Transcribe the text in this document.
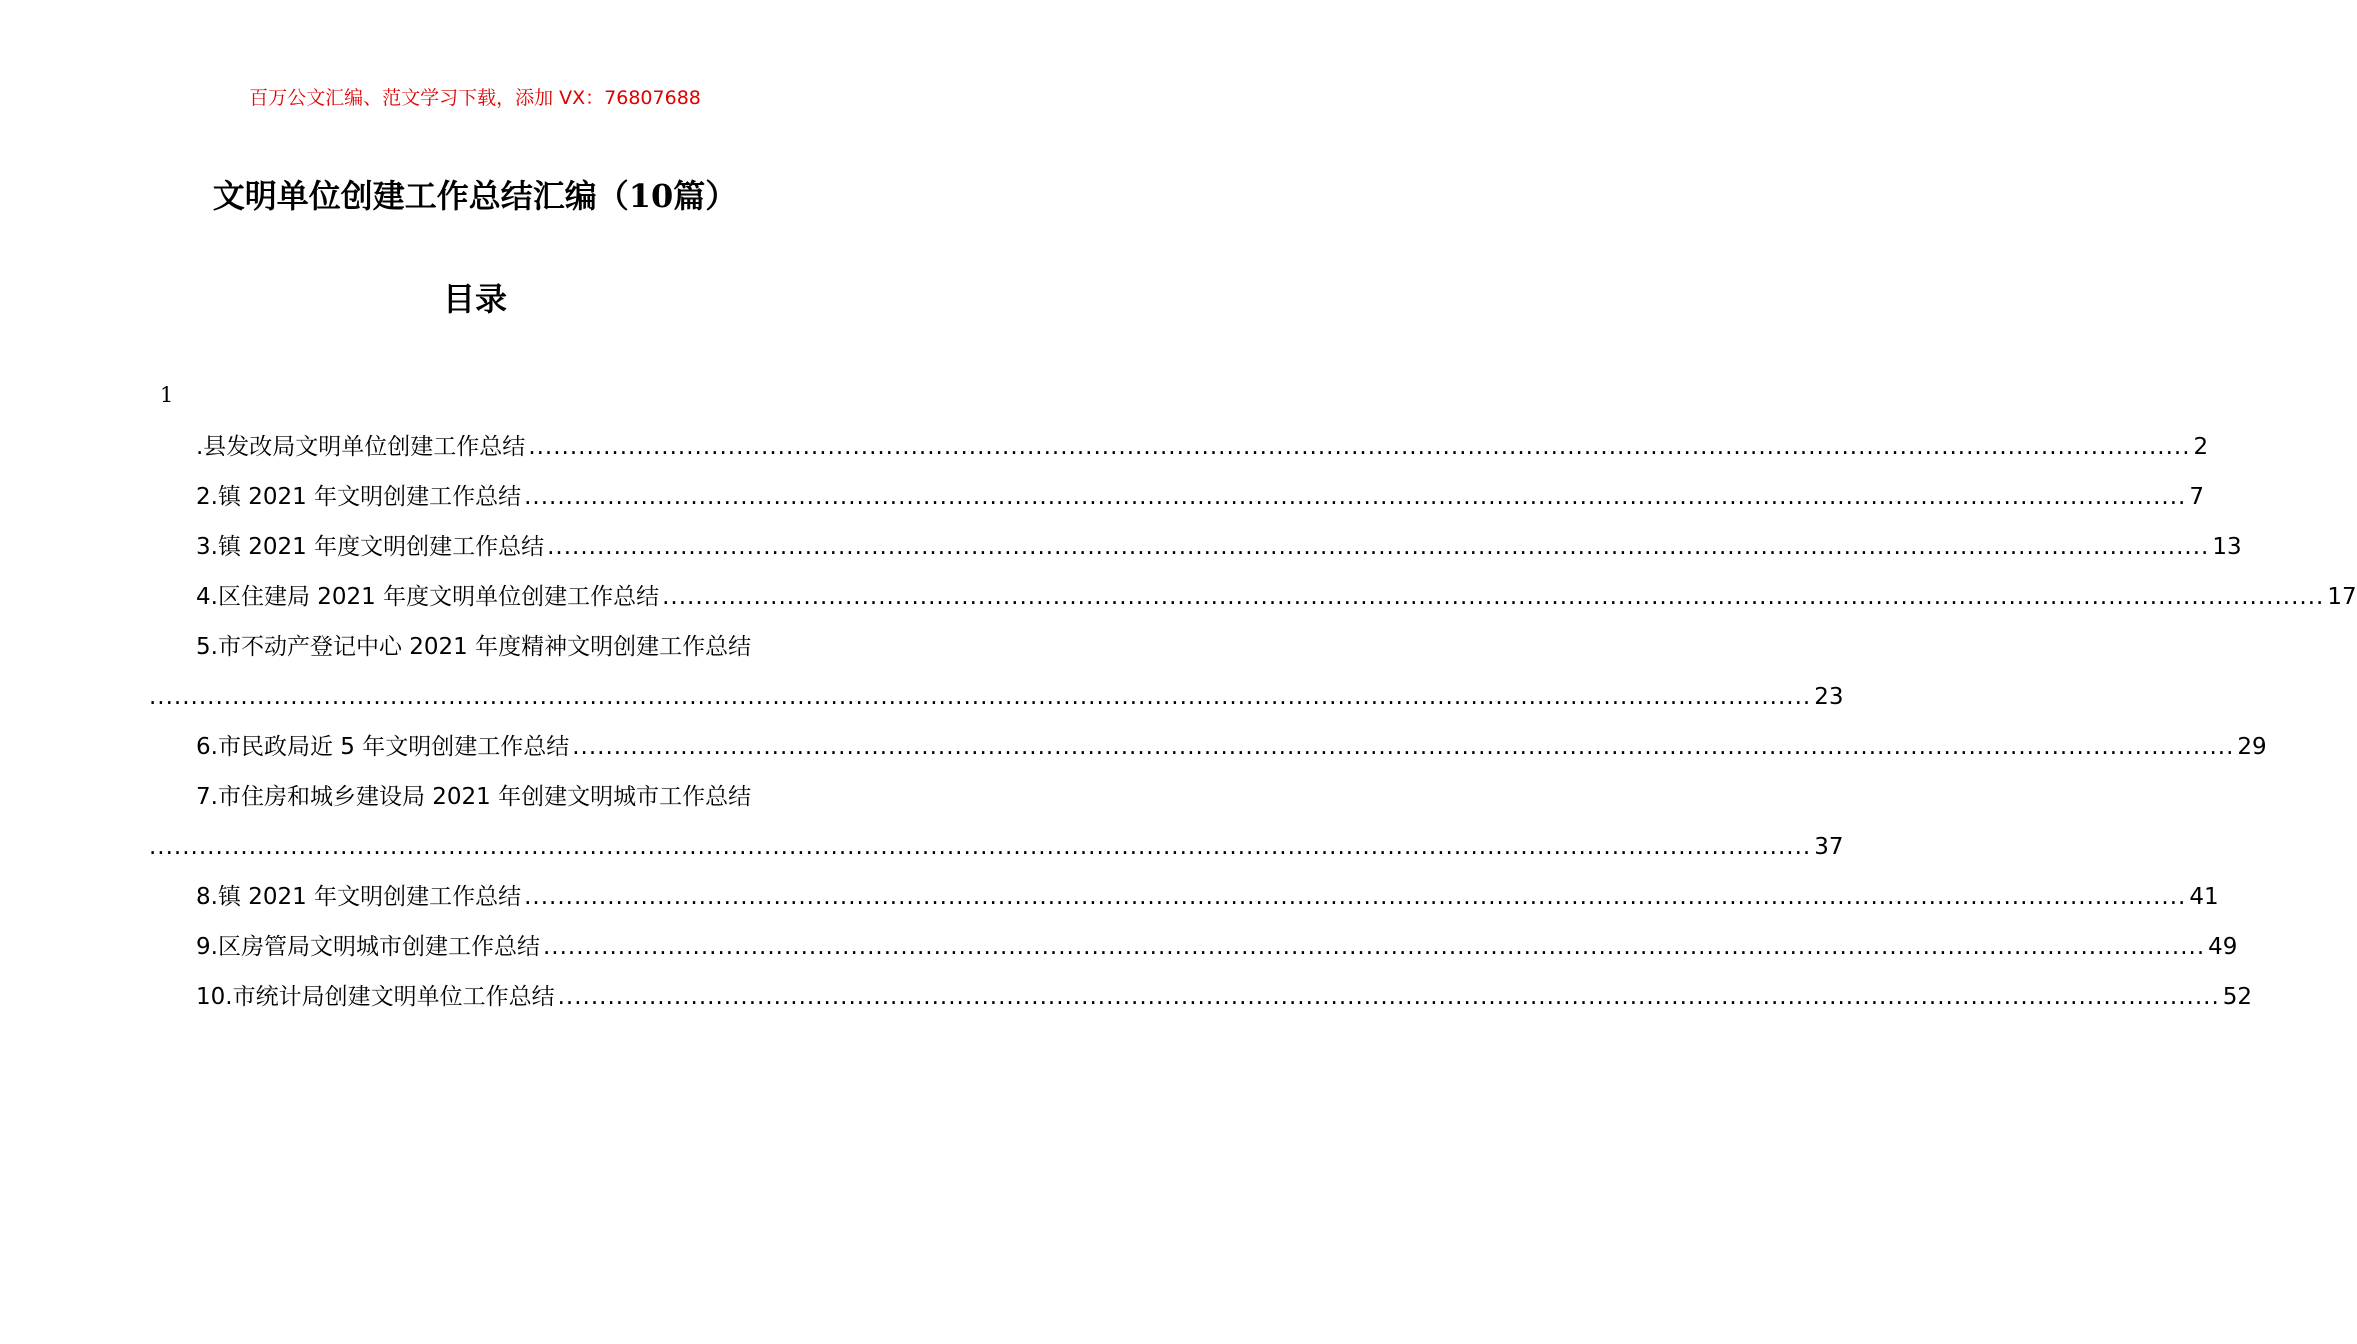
百万公文汇编、范文学习下载，添加 VX：76807688
文明单位创建工作总结汇编（10篇）
目录
1
.县发改局文明单位创建工作总结 ........................................................................................................................................................................................................ 2
2.镇 2021 年文明创建工作总结 ........................................................................................................................................................................................................ 7
3.镇 2021 年度文明创建工作总结 ........................................................................................................................................................................................................ 13
4.区住建局 2021 年度文明单位创建工作总结 ........................................................................................................................................................................................................ 17
5.市不动产登记中心 2021 年度精神文明创建工作总结
........................................................................................................................................................................................................ 23
6.市民政局近 5 年文明创建工作总结 ........................................................................................................................................................................................................ 29
7.市住房和城乡建设局 2021 年创建文明城市工作总结
........................................................................................................................................................................................................ 37
8.镇 2021 年文明创建工作总结 ........................................................................................................................................................................................................ 41
9.区房管局文明城市创建工作总结 ........................................................................................................................................................................................................ 49
10.市统计局创建文明单位工作总结 ........................................................................................................................................................................................................ 52
